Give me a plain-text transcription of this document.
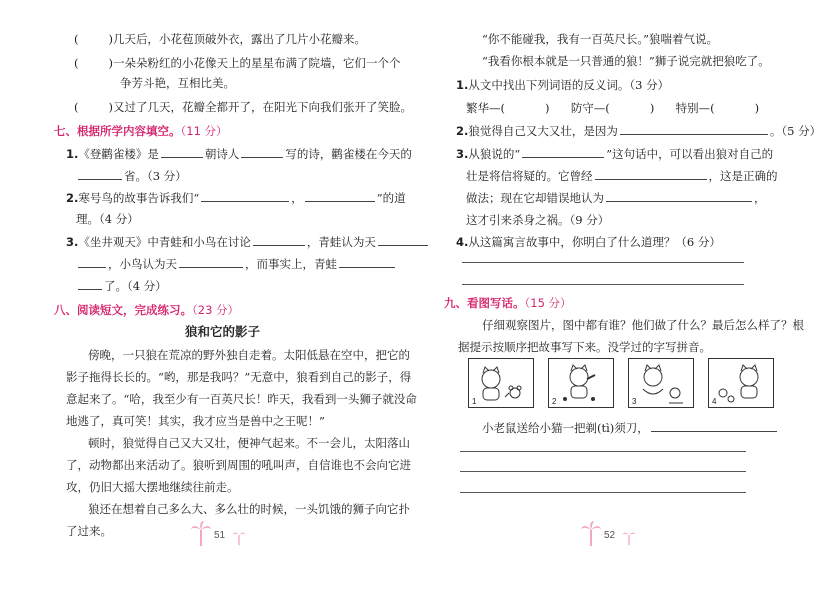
(	)几天后，小花苞顶破外衣，露出了几片小花瓣来。
(	)一朵朵粉红的小花像天上的星星布满了院墙，它们一个个
争芳斗艳，互相比美。
(	)又过了几天，花瓣全都开了，在阳光下向我们张开了笑脸。
七、根据所学内容填空。（11 分）
1.《登鹳雀楼》是	朝诗人	写的诗，鹳雀楼在今天的
省。（3 分）
2.寒号鸟的故事告诉我们“	，	”的道
理。（4 分）
3.《坐井观天》中青蛙和小鸟在讨论	，青蛙认为天
，小鸟认为天	，而事实上，青蛙
了。（4 分）
八、阅读短文，完成练习。（23 分）
狼和它的影子
傍晚，一只狼在荒凉的野外独自走着。太阳低悬在空中，把它的
影子拖得长长的。“哟，那是我吗？”无意中，狼看到自己的影子，得
意起来了。“哈，我至少有一百英尺长！昨天，我看到一头狮子就没命
地逃了，真可笑！其实，我才应当是兽中之王呢！”
顿时，狼觉得自己又大又壮，便神气起来。不一会儿，太阳落山
了，动物都出来活动了。狼听到周围的吼叫声，自信谁也不会向它进
攻，仍旧大摇大摆地继续往前走。
狼还在想着自己多么大、多么壮的时候，一头饥饿的狮子向它扑
了过来。	51
“你不能碰我，我有一百英尺长。”狼喘着气说。
“我看你根本就是一只普通的狼！”狮子说完就把狼吃了。
1.从文中找出下列词语的反义词。（3 分）
繁华—(	) 防守—(	) 特别—(	)
2.狼觉得自己又大又壮，是因为	。（5 分）
3.从狼说的“	”这句话中，可以看出狼对自己的
壮是将信将疑的。它曾经	，这是正确的
做法；现在它却错误地认为	，
这才引来杀身之祸。（9 分）
4.从这篇寓言故事中，你明白了什么道理？（6 分）
九、看图写话。（15 分）
仔细观察图片，图中都有谁？他们做了什么？最后怎么样了？根
据提示按顺序把故事写下来。没学过的字写拼音。
1	2	3	4
小老鼠送给小猫一把剃(tì)须刀，
52
